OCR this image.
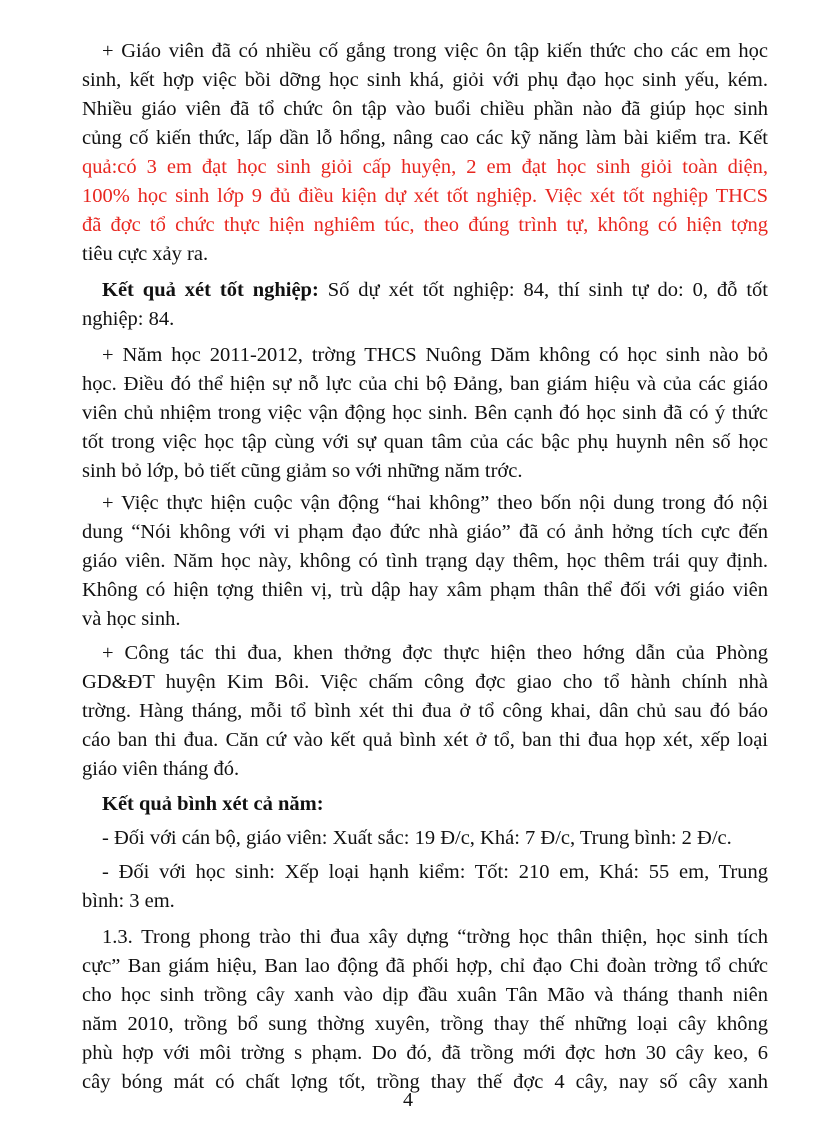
+ Giáo viên đã có nhiều cố gắng trong việc ôn tập kiến thức cho các em học
sinh, kết hợp việc bồi dỡng học sinh khá, giỏi với phụ đạo học sinh yếu, kém.
Nhiều giáo viên đã tổ chức ôn tập vào buổi chiều phần nào đã giúp học sinh
củng cố kiến thức, lấp dần lỗ hổng, nâng cao các kỹ năng làm bài kiểm tra. Kết
quả:có 3 em đạt học sinh giỏi cấp huyện, 2 em đạt học sinh giỏi toàn diện,
100% học sinh lớp 9 đủ điều kiện dự xét tốt nghiệp. Việc xét tốt nghiệp THCS
đã đợc tổ chức thực hiện nghiêm túc, theo đúng trình tự, không có hiện tợng
tiêu cực xảy ra.
Kết quả xét tốt nghiệp: Số dự xét tốt nghiệp: 84, thí sinh tự do: 0, đỗ tốt
nghiệp: 84.
+ Năm học 2011-2012, trờng THCS Nuông Dăm không có học sinh nào bỏ
học. Điều đó thể hiện sự nỗ lực của chi bộ Đảng, ban giám hiệu và của các giáo
viên chủ nhiệm trong việc vận động học sinh. Bên cạnh đó học sinh đã có ý thức
tốt trong việc học tập cùng với sự quan tâm của các bậc phụ huynh nên số học
sinh bỏ lớp, bỏ tiết cũng giảm so với những năm trớc.
+ Việc thực hiện cuộc vận động “hai không” theo bốn nội dung trong đó nội
dung “Nói không với vi phạm đạo đức nhà giáo” đã có ảnh hởng tích cực đến
giáo viên. Năm học này, không có tình trạng dạy thêm, học thêm trái quy định.
Không có hiện tợng thiên vị, trù dập hay xâm phạm thân thể đối với giáo viên
và học sinh.
+ Công tác thi đua, khen thởng đợc thực hiện theo hớng dẫn của Phòng
GD&ĐT huyện Kim Bôi. Việc chấm công đợc giao cho tổ hành chính nhà
trờng. Hàng tháng, mỗi tổ bình xét thi đua ở tổ công khai, dân chủ sau đó báo
cáo ban thi đua. Căn cứ vào kết quả bình xét ở tổ, ban thi đua họp xét, xếp loại
giáo viên tháng đó.
Kết quả bình xét cả năm:
- Đối với cán bộ, giáo viên: Xuất sắc: 19 Đ/c, Khá: 7 Đ/c, Trung bình: 2 Đ/c.
- Đối với học sinh: Xếp loại hạnh kiểm: Tốt: 210 em, Khá: 55 em, Trung
bình: 3 em.
1.3. Trong phong trào thi đua xây dựng “trờng học thân thiện, học sinh tích
cực” Ban giám hiệu, Ban lao động đã phối hợp, chỉ đạo Chi đoàn trờng tổ chức
cho học sinh trồng cây xanh vào dịp đầu xuân Tân Mão và tháng thanh niên
năm 2010, trồng bổ sung thờng xuyên, trồng thay thế những loại cây không
phù hợp với môi trờng s phạm. Do đó, đã trồng mới đợc hơn 30 cây keo, 6
cây bóng mát có chất lợng tốt, trồng thay thế đợc 4 cây, nay số cây xanh
4
